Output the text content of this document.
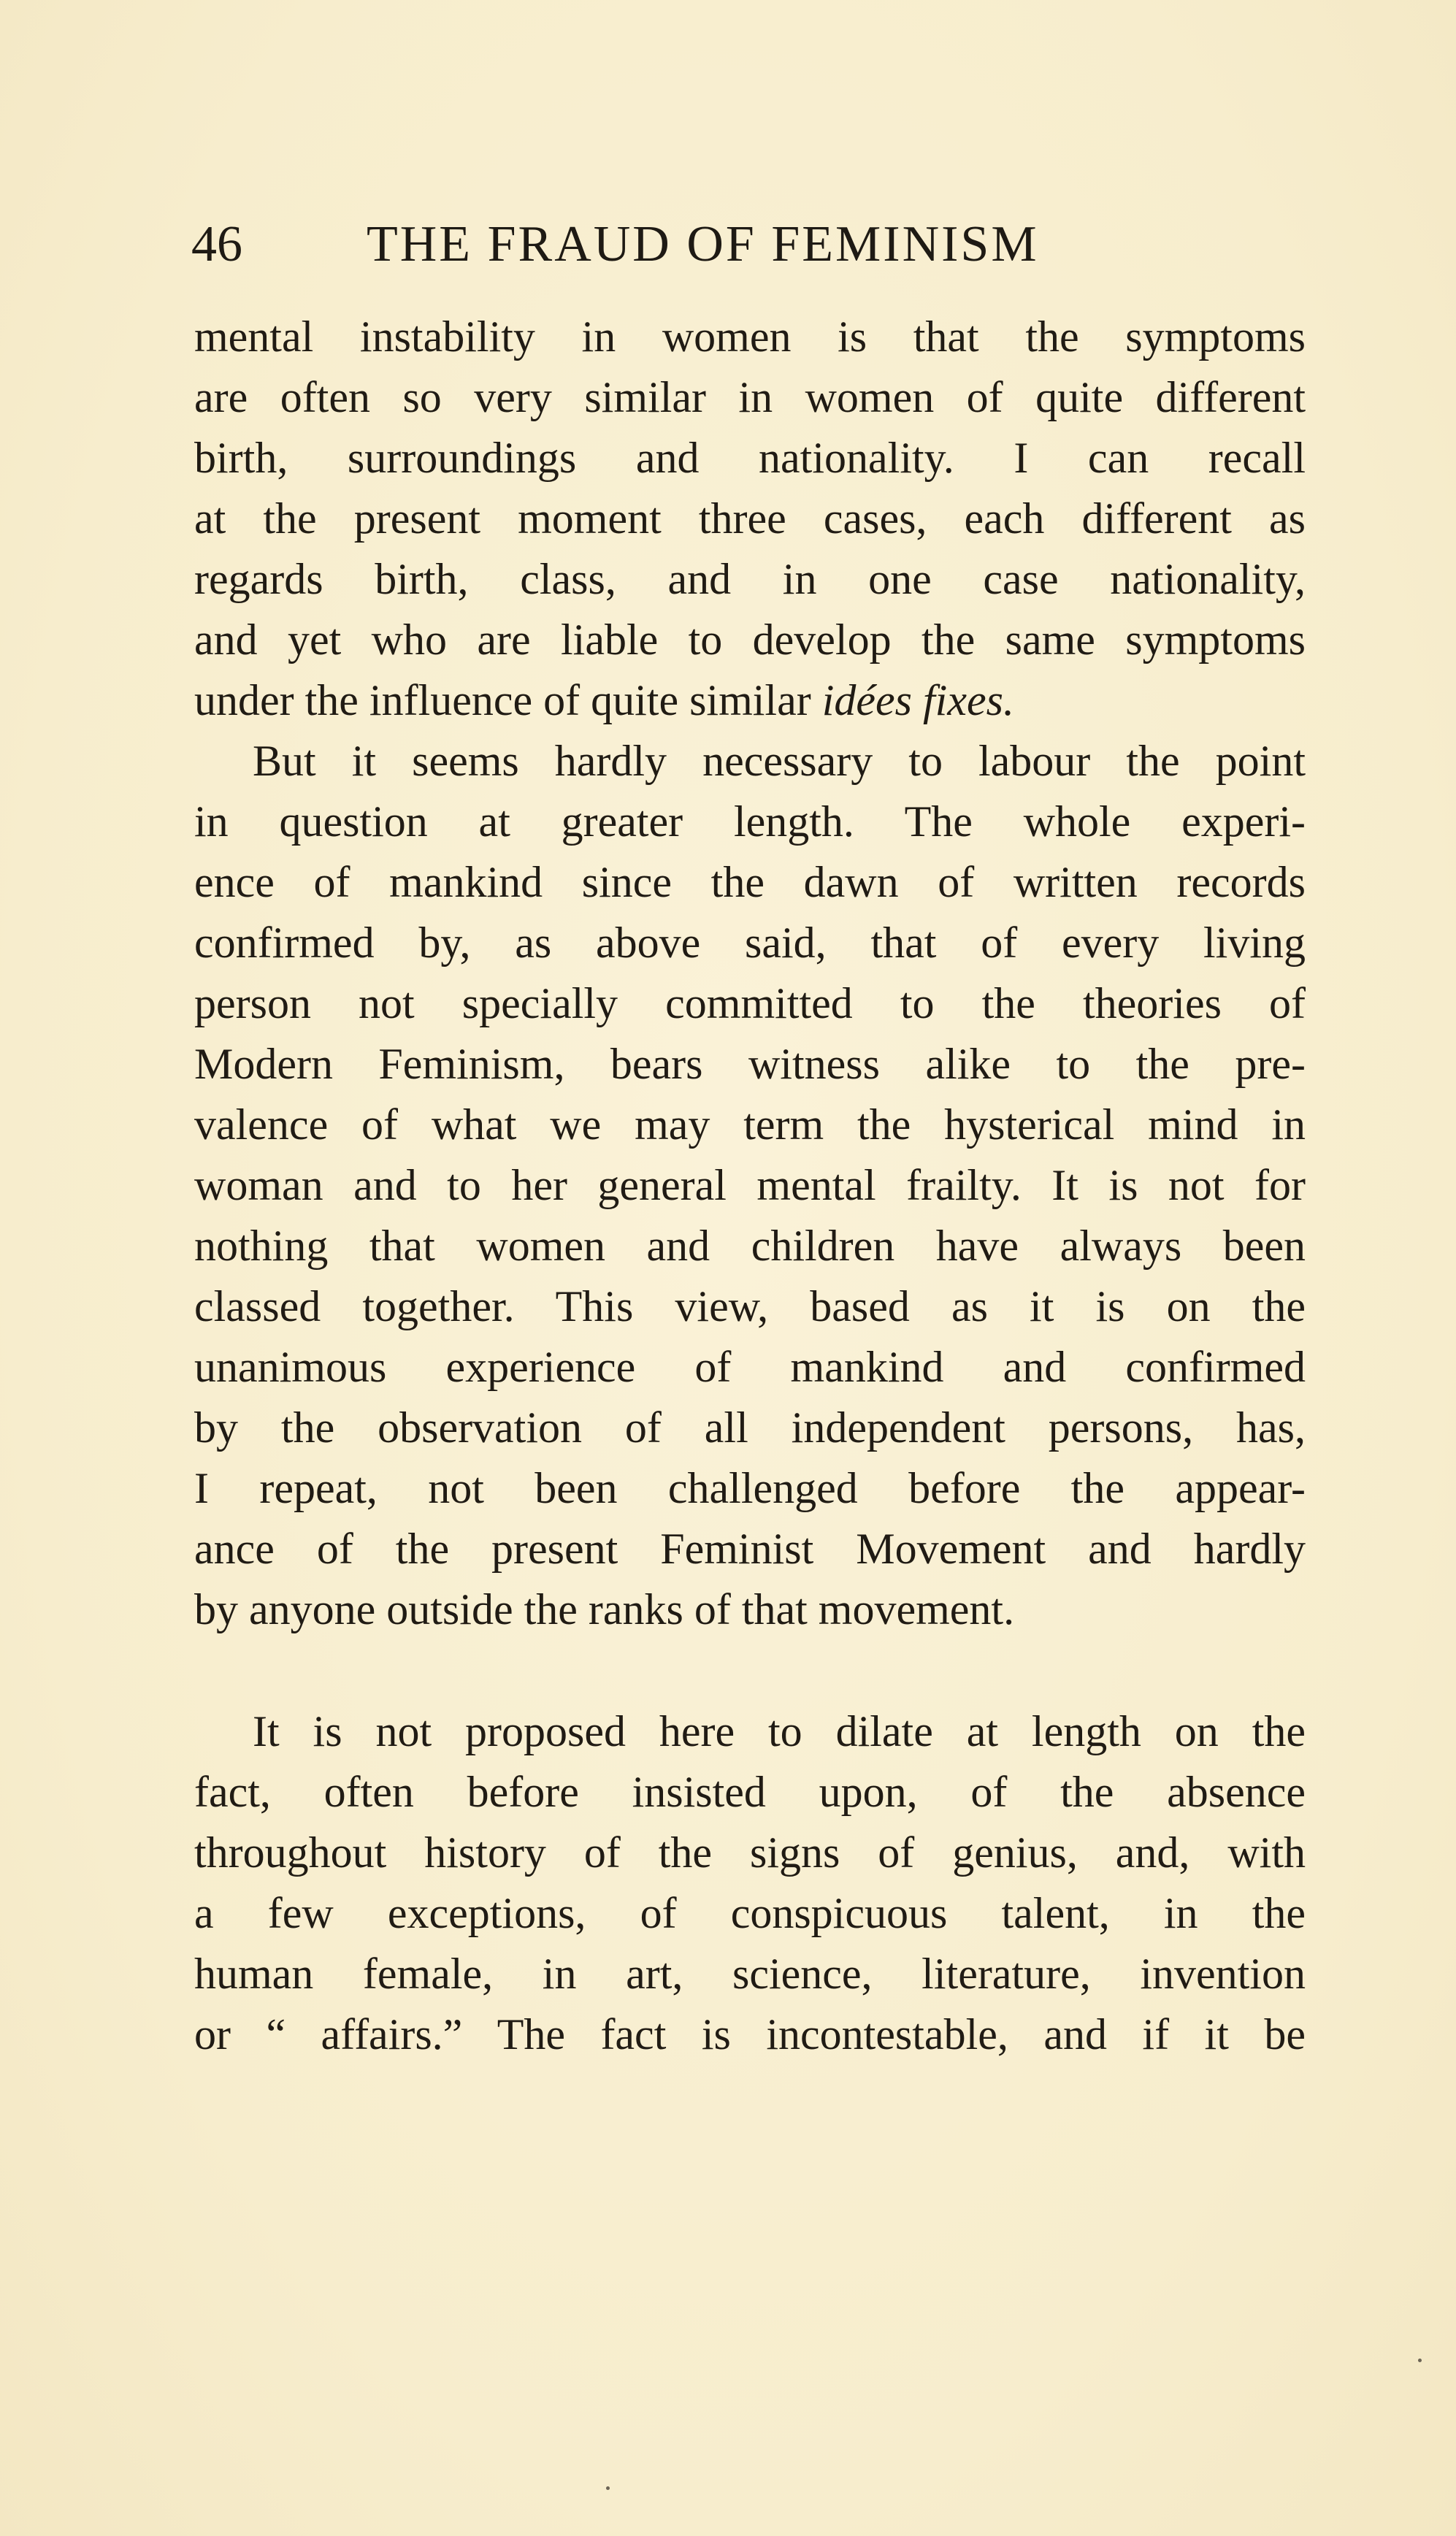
46 THE FRAUD OF FEMINISM
mental instability in women is that the symptoms
are often so very similar in women of quite different
birth, surroundings and nationality. I can recall
at the present moment three cases, each different as
regards birth, class, and in one case nationality,
and yet who are liable to develop the same symptoms
under the influence of quite similar idées fixes.
But it seems hardly necessary to labour the point
in question at greater length. The whole experi-
ence of mankind since the dawn of written records
confirmed by, as above said, that of every living
person not specially committed to the theories of
Modern Feminism, bears witness alike to the pre-
valence of what we may term the hysterical mind in
woman and to her general mental frailty. It is not for
nothing that women and children have always been
classed together. This view, based as it is on the
unanimous experience of mankind and confirmed
by the observation of all independent persons, has,
I repeat, not been challenged before the appear-
ance of the present Feminist Movement and hardly
by anyone outside the ranks of that movement.
It is not proposed here to dilate at length on the
fact, often before insisted upon, of the absence
throughout history of the signs of genius, and, with
a few exceptions, of conspicuous talent, in the
human female, in art, science, literature, invention
or “ affairs.” The fact is incontestable, and if it be
